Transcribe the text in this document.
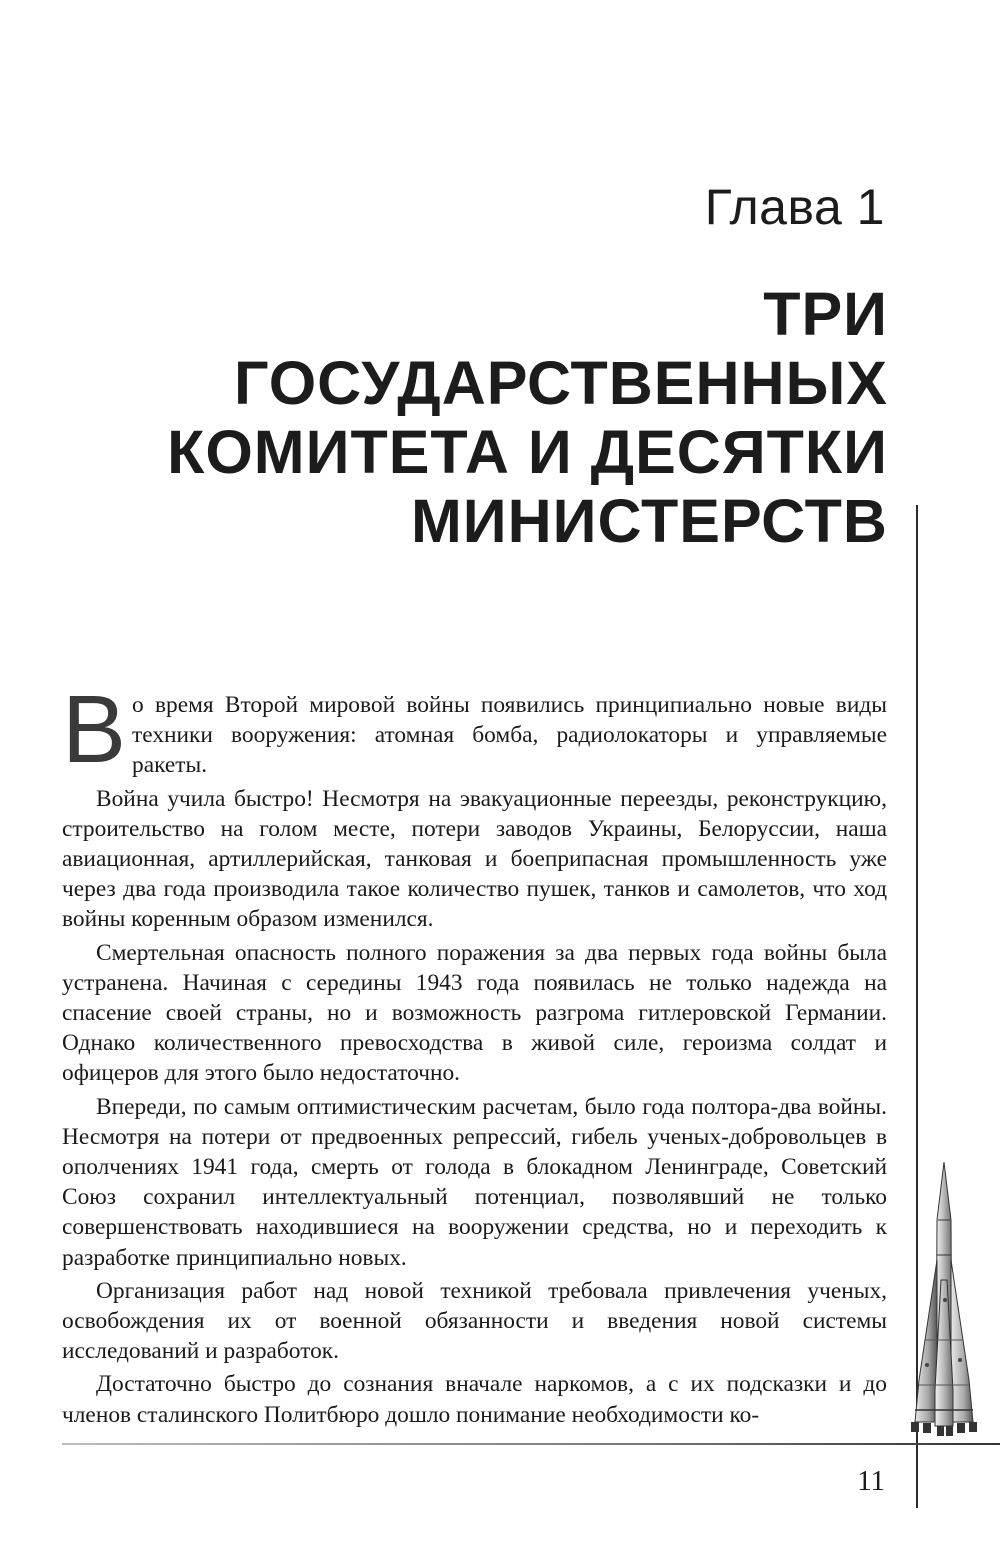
Глава 1
ТРИ ГОСУДАРСТВЕННЫХ
КОМИТЕТА И ДЕСЯТКИ
МИНИСТЕРСТВ

Во время Второй мировой войны появились принципиально новые виды техники вооружения: атомная бомба, радиолокаторы и управляемые ракеты.

Война учила быстро! Несмотря на эвакуационные переезды, реконструкцию, строительство на голом месте, потери заводов Украины, Белоруссии, наша авиационная, артиллерийская, танковая и боеприпасная промышленность уже через два года производила такое количество пушек, танков и самолетов, что ход войны коренным образом изменился.

Смертельная опасность полного поражения за два первых года войны была устранена. Начиная с середины 1943 года появилась не только надежда на спасение своей страны, но и возможность разгрома гитлеровской Германии. Однако количественного превосходства в живой силе, героизма солдат и офицеров для этого было недостаточно.

Впереди, по самым оптимистическим расчетам, было года полтора-два войны. Несмотря на потери от предвоенных репрессий, гибель ученых-добровольцев в ополчениях 1941 года, смерть от голода в блокадном Ленинграде, Советский Союз сохранил интеллектуальный потенциал, позволявший не только совершенствовать находившиеся на вооружении средства, но и переходить к разработке принципиально новых.

Организация работ над новой техникой требовала привлечения ученых, освобождения их от военной обязанности и введения новой системы исследований и разработок.

Достаточно быстро до сознания вначале наркомов, а с их подсказки и до членов сталинского Политбюро дошло понимание необходимости ко-

11
